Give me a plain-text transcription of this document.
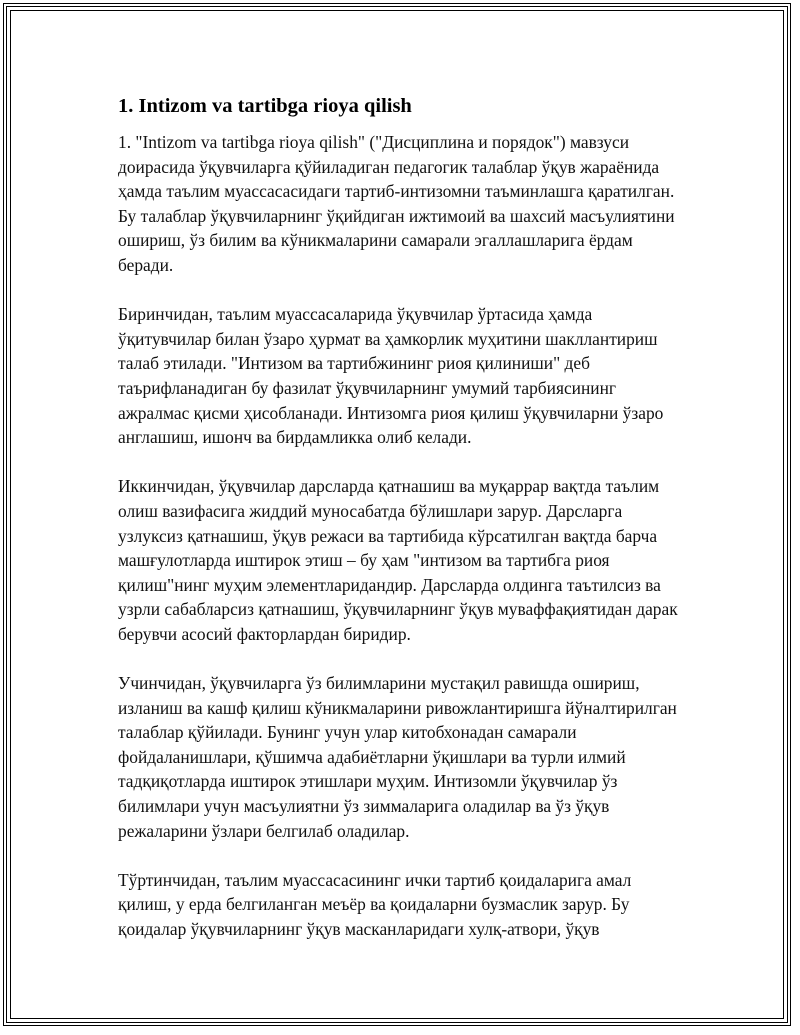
1. Intizom va tartibga rioya qilish

1. "Intizom va tartibga rioya qilish" ("Дисциплина и порядок") мавзуси доирасида ўқувчиларга қўйиладиган педагогик талаблар ўқув жараёнида ҳамда таълим муассасасидаги тартиб-интизомни таъминлашга қаратилган. Бу талаблар ўқувчиларнинг ўқийдиган ижтимоий ва шахсий масъулиятини ошириш, ўз билим ва кўникмаларини самарали эгаллашларига ёрдам беради.

Биринчидан, таълим муассасаларида ўқувчилар ўртасида ҳамда ўқитувчилар билан ўзаро ҳурмат ва ҳамкорлик муҳитини шакллантириш талаб этилади. "Интизом ва тартибжининг риоя қилиниши" деб таърифланадиган бу фазилат ўқувчиларнинг умумий тарбиясининг ажралмас қисми ҳисобланади. Интизомга риоя қилиш ўқувчиларни ўзаро англашиш, ишонч ва бирдамликка олиб келади.

Иккинчидан, ўқувчилар дарсларда қатнашиш ва муқаррар вақтда таълим олиш вазифасига жиддий муносабатда бўлишлари зарур. Дарсларга узлуксиз қатнашиш, ўқув режаси ва тартибида кўрсатилган вақтда барча машғулотларда иштирок этиш – бу ҳам "интизом ва тартибга риоя қилиш"нинг муҳим элементларидандир. Дарсларда олдинга таътилсиз ва узрли сабабларсиз қатнашиш, ўқувчиларнинг ўқув муваффақиятидан дарак берувчи асосий факторлардан биридир.

Учинчидан, ўқувчиларга ўз билимларини мустақил равишда ошириш, изланиш ва кашф қилиш кўникмаларини ривожлантиришга йўналтирилган талаблар қўйилади. Бунинг учун улар китобхонадан самарали фойдаланишлари, қўшимча адабиётларни ўқишлари ва турли илмий тадқиқотларда иштирок этишлари муҳим. Интизомли ўқувчилар ўз билимлари учун масъулиятни ўз зиммаларига оладилар ва ўз ўқув режаларини ўзлари белгилаб оладилар.

Тўртинчидан, таълим муассасасининг ички тартиб қоидаларига амал қилиш, у ерда белгиланган меъёр ва қоидаларни бузмаслик зарур. Бу қоидалар ўқувчиларнинг ўқув масканларидаги хулқ-атвори, ўқув
